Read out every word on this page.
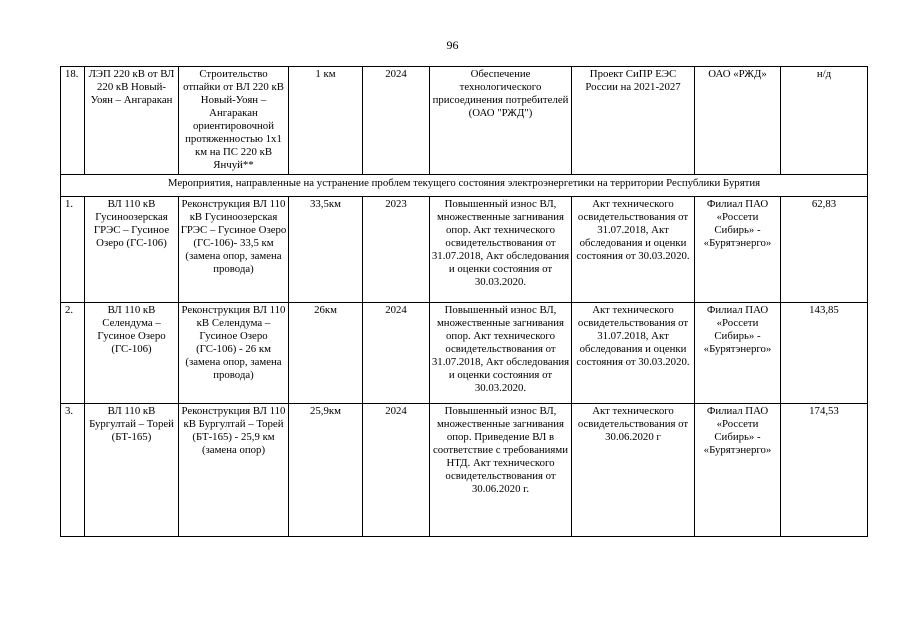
96
18.	ЛЭП 220 кВ от ВЛ 220 кВ Новый-Уоян – Ангаракан	Строительство отпайки от ВЛ 220 кВ Новый-Уоян – Ангаракан ориентировочной протяженностью 1х1 км на ПС 220 кВ Янчуй**	1 км	2024	Обеспечение технологического присоединения потребителей (ОАО "РЖД")	Проект СиПР ЕЭС России на 2021-2027	ОАО «РЖД»	н/д
Мероприятия, направленные на устранение проблем текущего состояния электроэнергетики на территории Республики Бурятия								
1.	ВЛ 110 кВ Гусиноозерская ГРЭС – Гусиное Озеро (ГС-106)	Реконструкция ВЛ 110 кВ Гусиноозерская ГРЭС – Гусиное Озеро (ГС-106)- 33,5 км (замена опор, замена провода)	33,5км	2023	Повышенный износ ВЛ, множественные загнивания опор. Акт технического освидетельствования от 31.07.2018, Акт обследования и оценки состояния от 30.03.2020.	Акт технического освидетельствования от 31.07.2018, Акт обследования и оценки состояния от 30.03.2020.	Филиал ПАО «Россети Сибирь» - «Бурятэнерго»	62,83
2.	ВЛ 110 кВ Селендума – Гусиное Озеро (ГС-106)	Реконструкция ВЛ 110 кВ Селендума – Гусиное Озеро (ГС-106) - 26 км (замена опор, замена провода)	26км	2024	Повышенный износ ВЛ, множественные загнивания опор. Акт технического освидетельствования от 31.07.2018, Акт обследования и оценки состояния от 30.03.2020.	Акт технического освидетельствования от 31.07.2018, Акт обследования и оценки состояния от 30.03.2020.	Филиал ПАО «Россети Сибирь» - «Бурятэнерго»	143,85
3.	ВЛ 110 кВ Бургултай – Торей (БТ-165)	Реконструкция ВЛ 110 кВ Бургултай – Торей (БТ-165) - 25,9 км (замена опор)	25,9км	2024	Повышенный износ ВЛ, множественные загнивания опор. Приведение ВЛ в соответствие с требованиями НТД. Акт технического освидетельствования от 30.06.2020 г.	Акт технического освидетельствования от 30.06.2020 г	Филиал ПАО «Россети Сибирь» - «Бурятэнерго»	174,53
